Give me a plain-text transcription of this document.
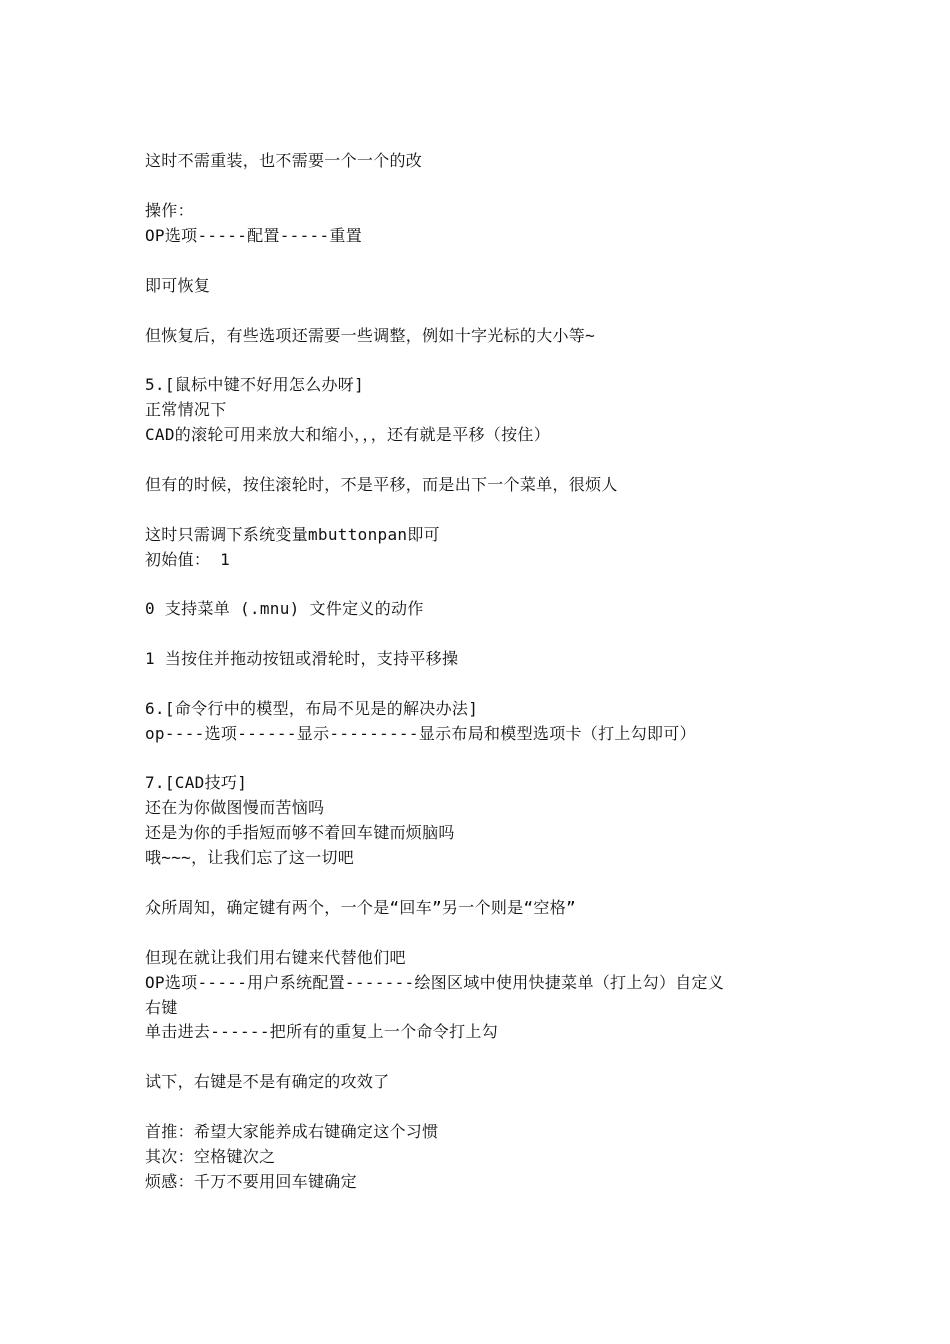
这时不需重装，也不需要一个一个的改
操作：
OP选项-----配置-----重置
即可恢复
但恢复后，有些选项还需要一些调整，例如十字光标的大小等~
5.[鼠标中键不好用怎么办呀]
正常情况下
CAD的滚轮可用来放大和缩小，，，还有就是平移（按住）
但有的时候，按住滚轮时，不是平移，而是出下一个菜单，很烦人
这时只需调下系统变量mbuttonpan即可
初始值： 1
0 支持菜单 (.mnu) 文件定义的动作
1 当按住并拖动按钮或滑轮时，支持平移操
6.[命令行中的模型，布局不见是的解决办法]
op----选项------显示---------显示布局和模型选项卡（打上勾即可）
7.[CAD技巧]
还在为你做图慢而苦恼吗
还是为你的手指短而够不着回车键而烦脑吗
哦~~~，让我们忘了这一切吧
众所周知，确定键有两个，一个是“回车”另一个则是“空格”
但现在就让我们用右键来代替他们吧
OP选项-----用户系统配置-------绘图区域中使用快捷菜单（打上勾）自定义
右键
单击进去------把所有的重复上一个命令打上勾
试下，右键是不是有确定的攻效了
首推：希望大家能养成右键确定这个习惯
其次：空格键次之
烦感：千万不要用回车键确定
